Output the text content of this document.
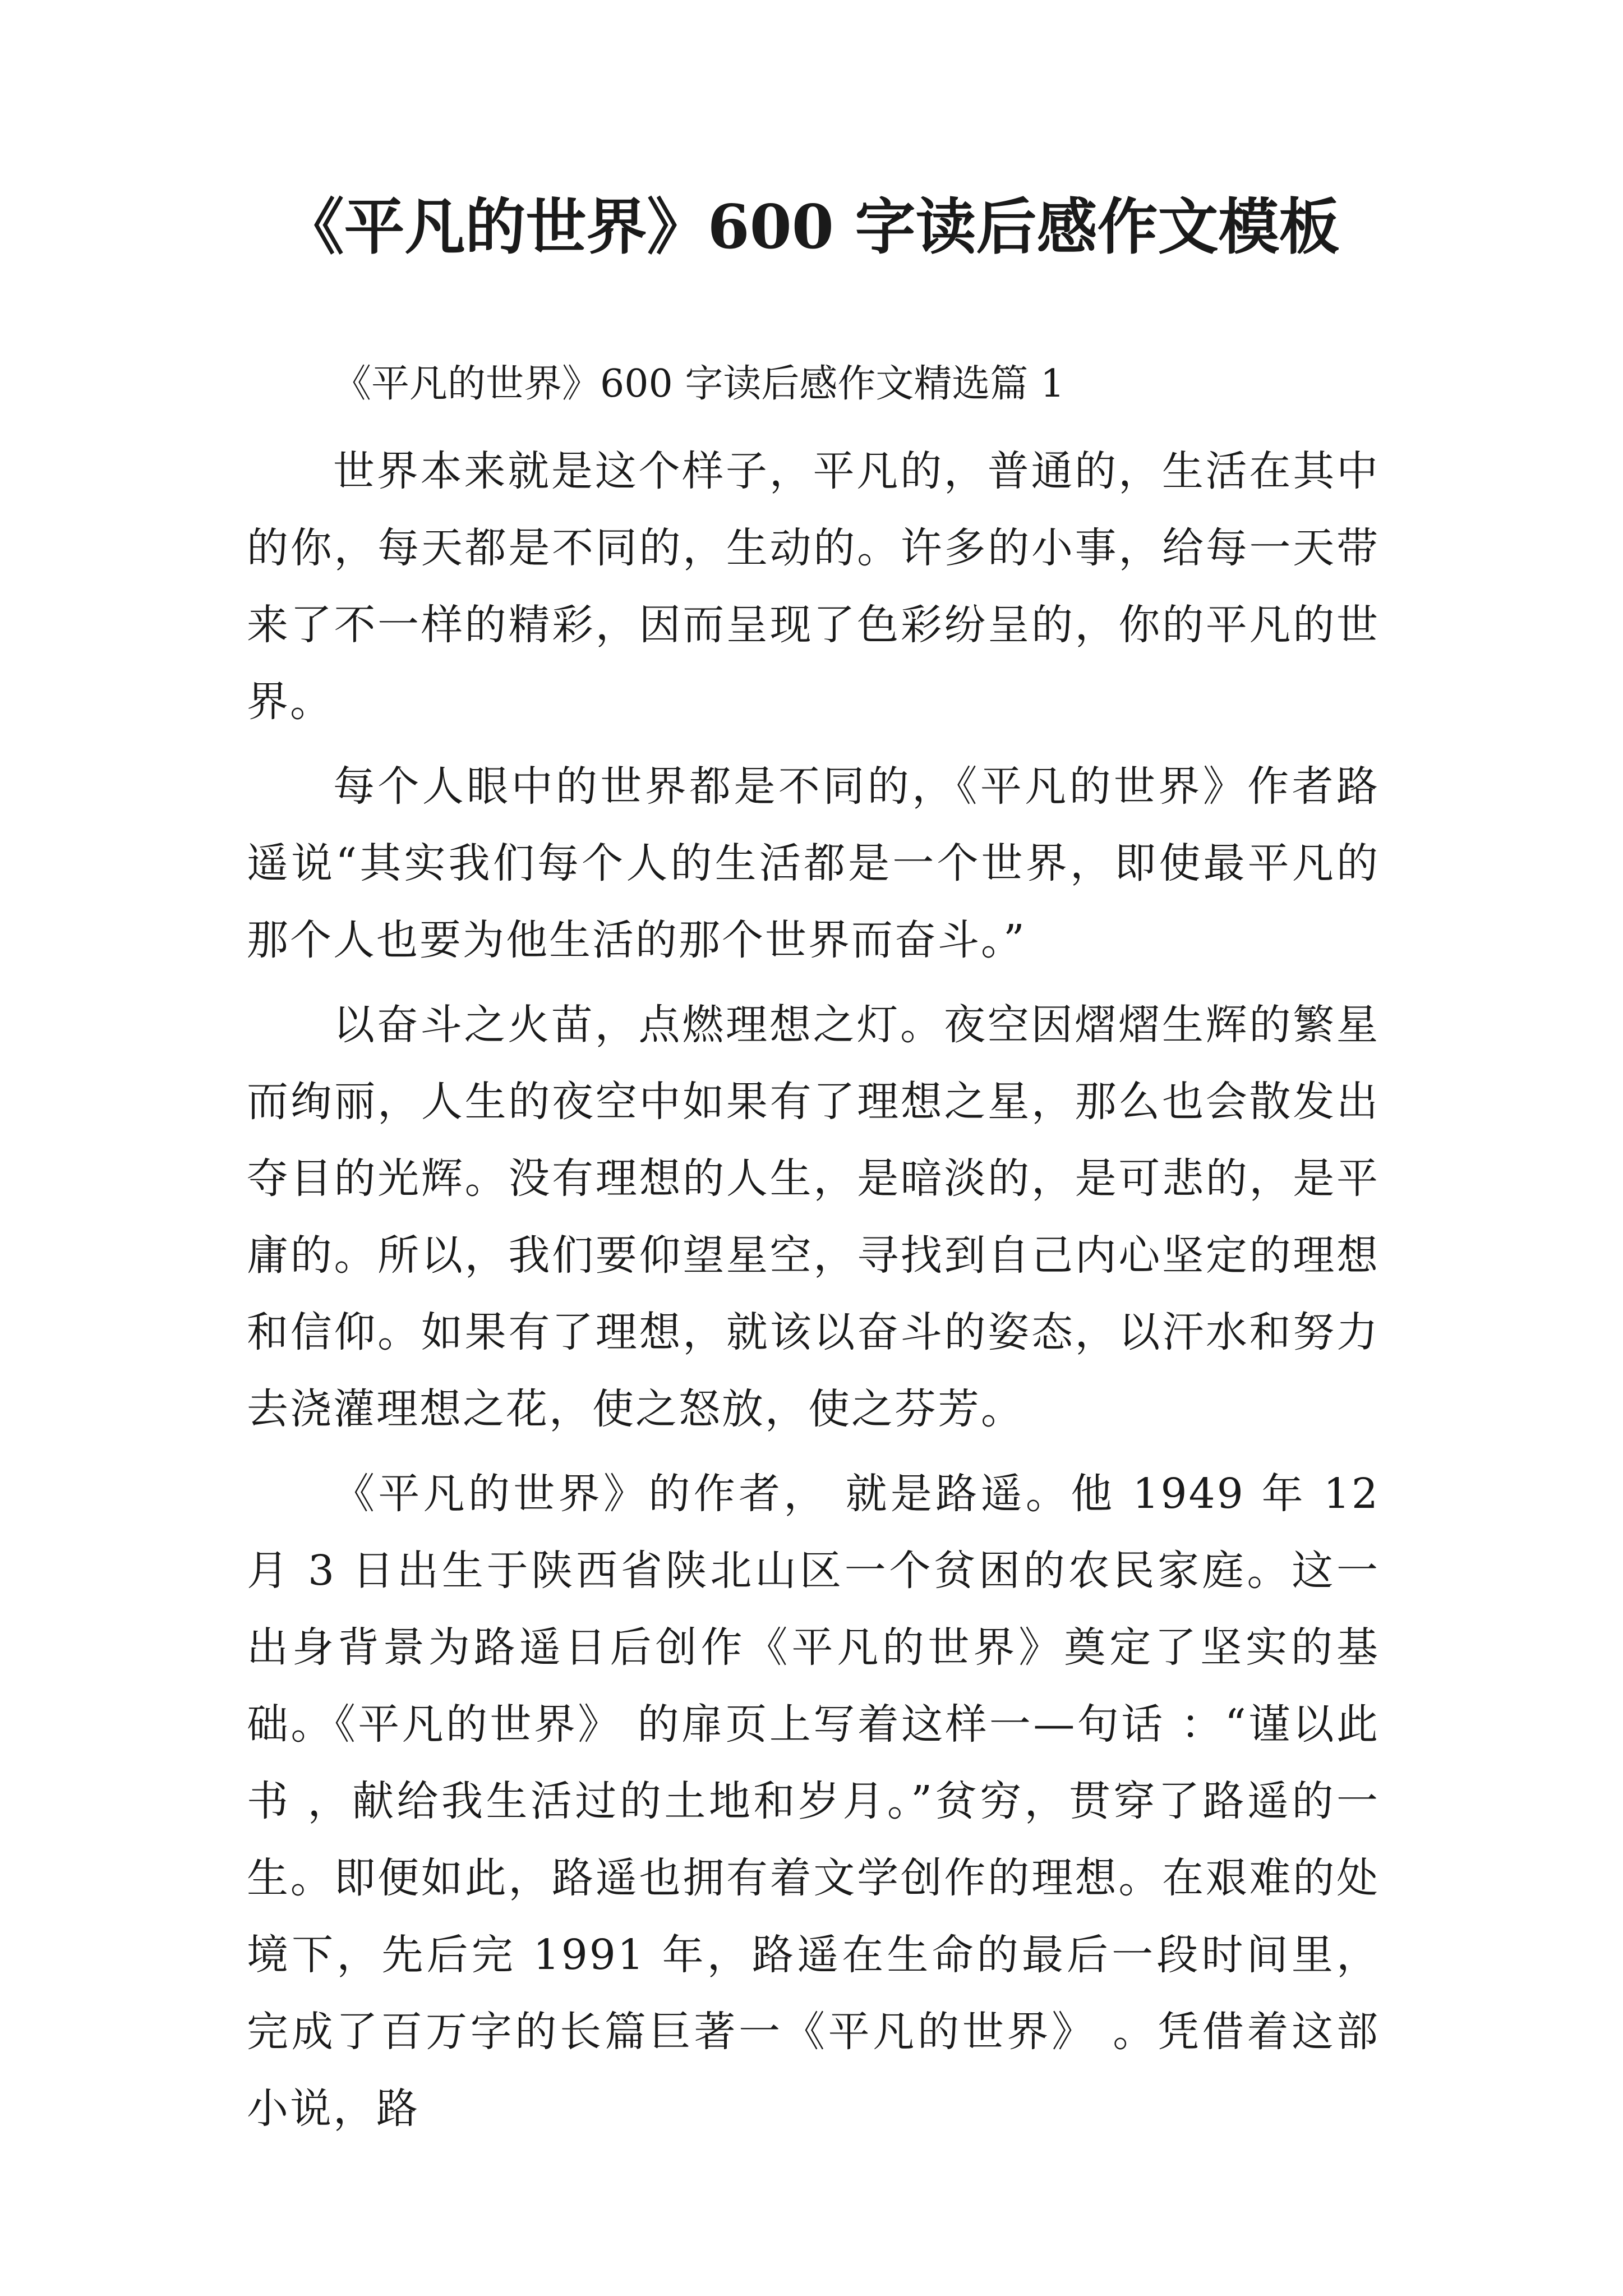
《平凡的世界》600 字读后感作文模板

《平凡的世界》600 字读后感作文精选篇 1

世界本来就是这个样子，平凡的，普通的，生活在其中的你，每天都是不同的，生动的。许多的小事，给每一天带来了不一样的精彩，因而呈现了色彩纷呈的，你的平凡的世界。

每个人眼中的世界都是不同的，《平凡的世界》作者路遥说“其实我们每个人的生活都是一个世界，即使最平凡的那个人也要为他生活的那个世界而奋斗。”

以奋斗之火苗，点燃理想之灯。夜空因熠熠生辉的繁星而绚丽，人生的夜空中如果有了理想之星，那么也会散发出夺目的光辉。没有理想的人生，是暗淡的，是可悲的，是平庸的。所以，我们要仰望星空，寻找到自己内心坚定的理想和信仰。如果有了理想，就该以奋斗的姿态，以汗水和努力去浇灌理想之花，使之怒放，使之芬芳。

《平凡的世界》的作者， 就是路遥。他 1949 年 12 月 3 日出生于陕西省陕北山区一个贫困的农民家庭。这一出身背景为路遥日后创作《平凡的世界》奠定了坚实的基础。《平凡的世界》 的扉页上写着这样一—句话 ：“谨以此书 ，献给我生活过的土地和岁月。”贫穷，贯穿了路遥的一生。即便如此，路遥也拥有着文学创作的理想。在艰难的处境下，先后完 1991 年，路遥在生命的最后一段时间里， 完成了百万字的长篇巨著一《平凡的世界》 。凭借着这部小说，路
